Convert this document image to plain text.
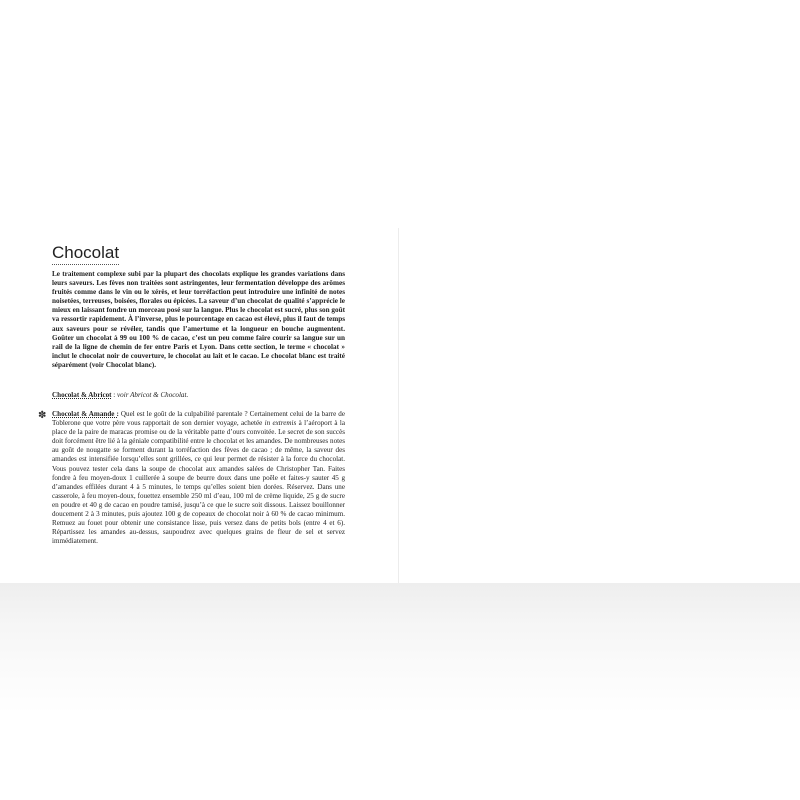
Chocolat

Le traitement complexe subi par la plupart des chocolats explique les grandes variations dans leurs saveurs. Les fèves non traitées sont astringentes, leur fermentation développe des arômes fruités comme dans le vin ou le xérès, et leur torréfaction peut introduire une infinité de notes noisetées, terreuses, boisées, florales ou épicées. La saveur d’un chocolat de qualité s’apprécie le mieux en laissant fondre un morceau posé sur la langue. Plus le chocolat est sucré, plus son goût va ressortir rapidement. À l’inverse, plus le pourcentage en cacao est élevé, plus il faut de temps aux saveurs pour se révéler, tandis que l’amertume et la longueur en bouche augmentent. Goûter un chocolat à 99 ou 100 % de cacao, c’est un peu comme faire courir sa langue sur un rail de la ligne de chemin de fer entre Paris et Lyon. Dans cette section, le terme « chocolat » inclut le chocolat noir de couverture, le chocolat au lait et le cacao. Le chocolat blanc est traité séparément (voir Chocolat blanc).

Chocolat & Abricot : voir Abricot & Chocolat.

✽ Chocolat & Amande : Quel est le goût de la culpabilité parentale ? Certainement celui de la barre de Toblerone que votre père vous rapportait de son dernier voyage, achetée in extremis à l’aéroport à la place de la paire de maracas promise ou de la véritable patte d’ours convoitée. Le secret de son succès doit forcément être lié à la géniale compatibilité entre le chocolat et les amandes. De nombreuses notes au goût de nougatte se forment durant la torréfaction des fèves de cacao ; de même, la saveur des amandes est intensifiée lorsqu’elles sont grillées, ce qui leur permet de résister à la force du chocolat. Vous pouvez tester cela dans la soupe de chocolat aux amandes salées de Christopher Tan. Faites fondre à feu moyen-doux 1 cuillerée à soupe de beurre doux dans une poêle et faites-y sauter 45 g d’amandes effilées durant 4 à 5 minutes, le temps qu’elles soient bien dorées. Réservez. Dans une casserole, à feu moyen-doux, fouettez ensemble 250 ml d’eau, 100 ml de crème liquide, 25 g de sucre en poudre et 40 g de cacao en poudre tamisé, jusqu’à ce que le sucre soit dissous. Laissez bouillonner doucement 2 à 3 minutes, puis ajoutez 100 g de copeaux de chocolat noir à 60 % de cacao minimum. Remuez au fouet pour obtenir une consistance lisse, puis versez dans de petits bols (entre 4 et 6). Répartissez les amandes au-dessus, saupoudrez avec quelques grains de fleur de sel et servez immédiatement.
